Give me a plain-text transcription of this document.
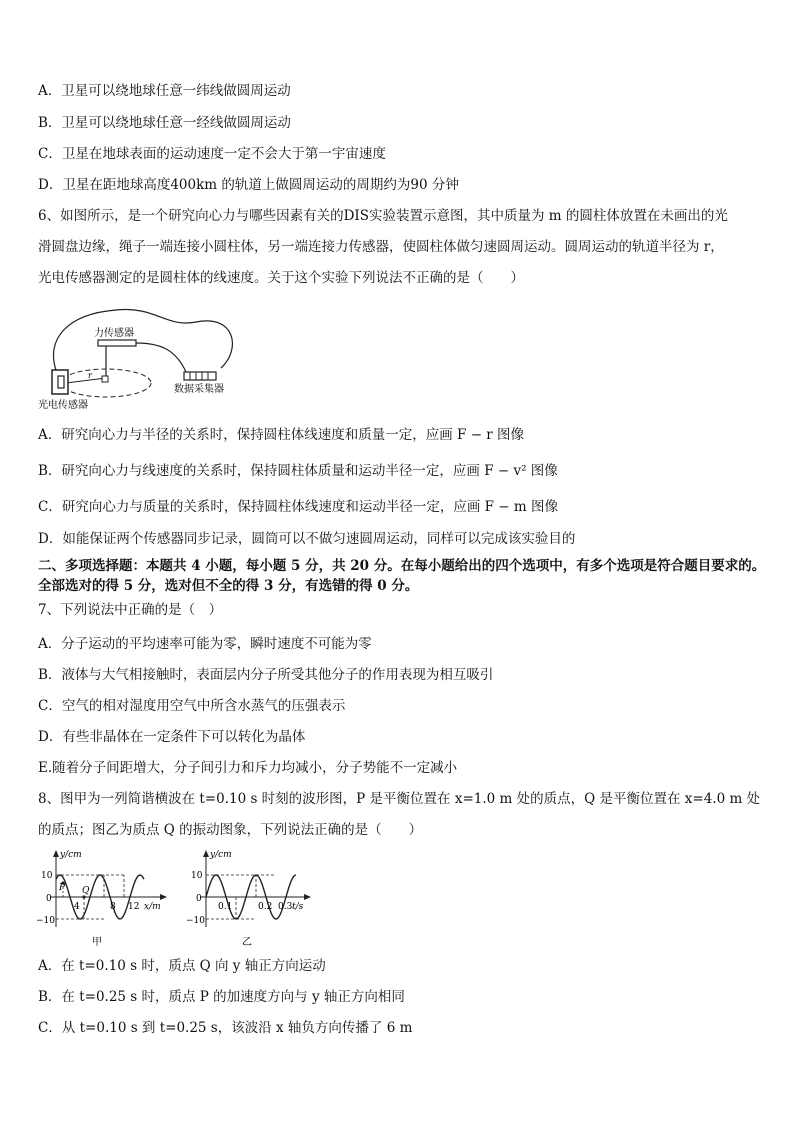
A．卫星可以绕地球任意一纬线做圆周运动
B．卫星可以绕地球任意一经线做圆周运动
C．卫星在地球表面的运动速度一定不会大于第一宇宙速度
D．卫星在距地球高度400km 的轨道上做圆周运动的周期约为90 分钟
6、如图所示，是一个研究向心力与哪些因素有关的DIS实验装置示意图，其中质量为 m 的圆柱体放置在未画出的光
滑圆盘边缘，绳子一端连接小圆柱体，另一端连接力传感器，使圆柱体做匀速圆周运动。圆周运动的轨道半径为 r，
光电传感器测定的是圆柱体的线速度。关于这个实验下列说法不正确的是（　　）
力传感器
数据采集器
光电传感器
r
A．研究向心力与半径的关系时，保持圆柱体线速度和质量一定，应画 F − r 图像
B．研究向心力与线速度的关系时，保持圆柱体质量和运动半径一定，应画 F − v² 图像
C．研究向心力与质量的关系时，保持圆柱体线速度和运动半径一定，应画 F − m 图像
D．如能保证两个传感器同步记录，圆筒可以不做匀速圆周运动，同样可以完成该实验目的
二、多项选择题：本题共 4 小题，每小题 5 分，共 20 分。在每小题给出的四个选项中，有多个选项是符合题目要求的。
全部选对的得 5 分，选对但不全的得 3 分，有选错的得 0 分。
7、下列说法中正确的是（　）
A．分子运动的平均速率可能为零，瞬时速度不可能为零
B．液体与大气相接触时，表面层内分子所受其他分子的作用表现为相互吸引
C．空气的相对湿度用空气中所含水蒸气的压强表示
D．有些非晶体在一定条件下可以转化为晶体
E.随着分子间距增大，分子间引力和斥力均减小，分子势能不一定减小
8、图甲为一列简谐横波在 t=0.10 s 时刻的波形图，P 是平衡位置在 x=1.0 m 处的质点，Q 是平衡位置在 x=4.0 m 处
的质点；图乙为质点 Q 的振动图象，下列说法正确的是（　　）
y/cm
x/m
10
0
−10
4	8 12
P Q
甲
y/cm
t/s
10
0
−10
0.1	0.2 0.3
乙
A．在 t=0.10 s 时，质点 Q 向 y 轴正方向运动
B．在 t=0.25 s 时，质点 P 的加速度方向与 y 轴正方向相同
C．从 t=0.10 s 到 t=0.25 s，该波沿 x 轴负方向传播了 6 m
